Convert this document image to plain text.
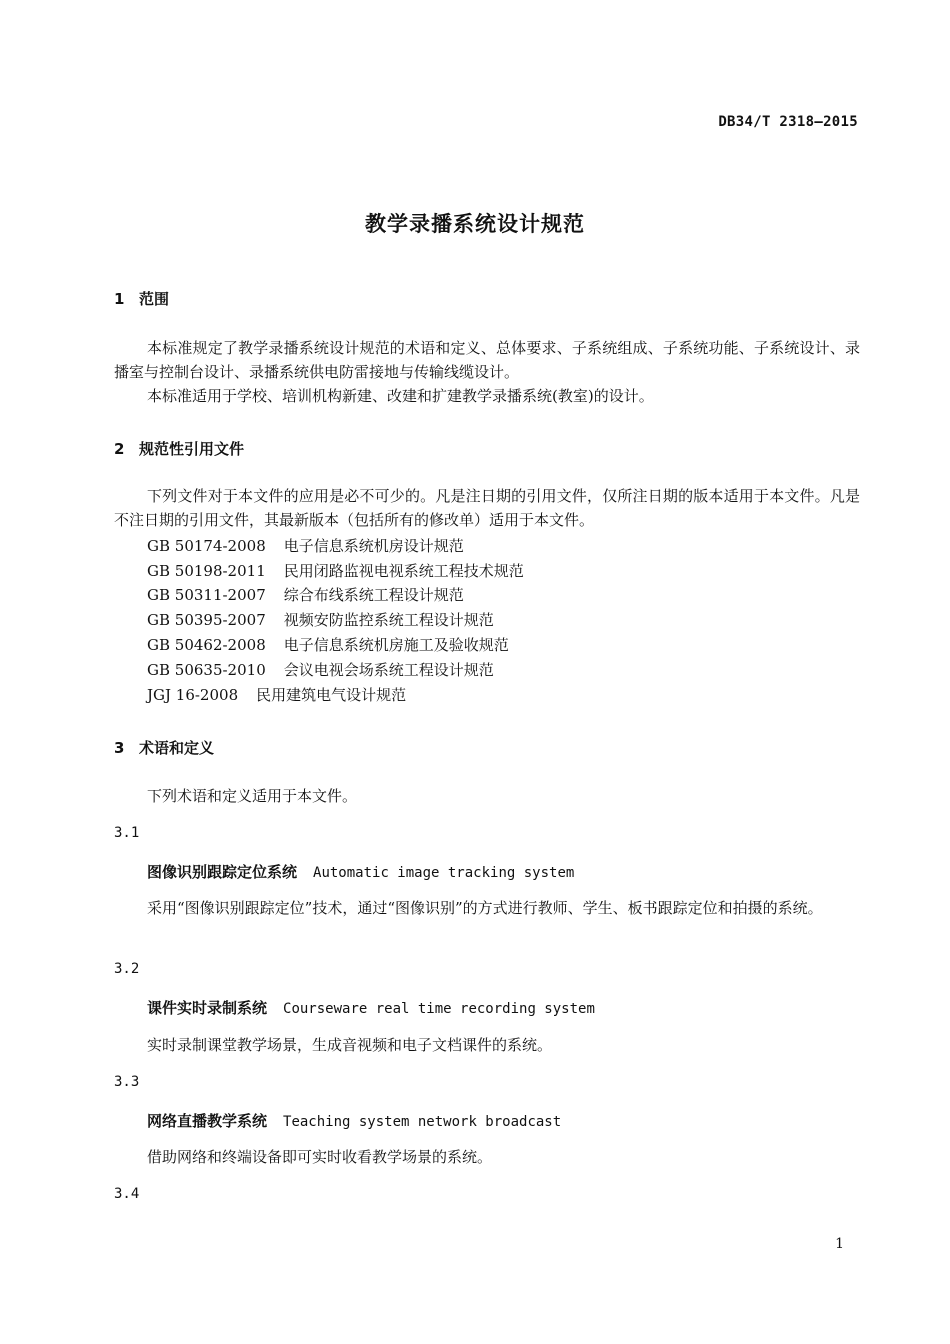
DB34/T 2318—2015
教学录播系统设计规范
1 范围
本标准规定了教学录播系统设计规范的术语和定义、总体要求、子系统组成、子系统功能、子系统设计、录播室与控制台设计、录播系统供电防雷接地与传输线缆设计。
本标准适用于学校、培训机构新建、改建和扩建教学录播系统(教室)的设计。
2 规范性引用文件
下列文件对于本文件的应用是必不可少的。凡是注日期的引用文件，仅所注日期的版本适用于本文件。凡是不注日期的引用文件，其最新版本（包括所有的修改单）适用于本文件。
GB 50174-2008 电子信息系统机房设计规范
GB 50198-2011 民用闭路监视电视系统工程技术规范
GB 50311-2007 综合布线系统工程设计规范
GB 50395-2007 视频安防监控系统工程设计规范
GB 50462-2008 电子信息系统机房施工及验收规范
GB 50635-2010 会议电视会场系统工程设计规范
JGJ 16-2008 民用建筑电气设计规范
3 术语和定义
下列术语和定义适用于本文件。
3.1
图像识别跟踪定位系统 Automatic image tracking system
采用“图像识别跟踪定位”技术，通过“图像识别”的方式进行教师、学生、板书跟踪定位和拍摄的系统。
3.2
课件实时录制系统 Courseware real time recording system
实时录制课堂教学场景，生成音视频和电子文档课件的系统。
3.3
网络直播教学系统 Teaching system network broadcast
借助网络和终端设备即可实时收看教学场景的系统。
3.4
1
